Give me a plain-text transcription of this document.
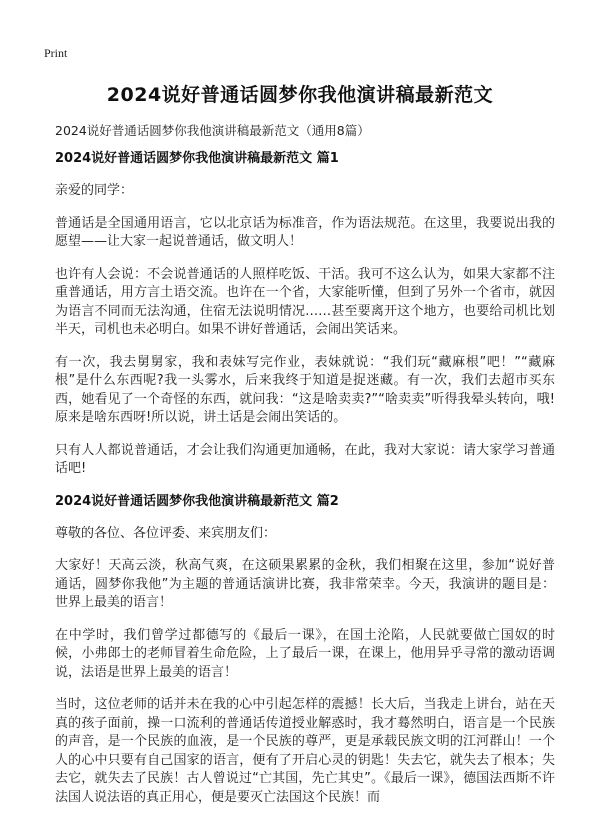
Print
2024说好普通话圆梦你我他演讲稿最新范文

2024说好普通话圆梦你我他演讲稿最新范文（通用8篇）

2024说好普通话圆梦你我他演讲稿最新范文 篇1

亲爱的同学：

普通话是全国通用语言，它以北京话为标准音，作为语法规范。在这里，我要说出我的愿望——让大家一起说普通话，做文明人！

也许有人会说：不会说普通话的人照样吃饭、干活。我可不这么认为，如果大家都不注重普通话，用方言土语交流。也许在一个省，大家能听懂，但到了另外一个省市，就因为语言不同而无法沟通，住宿无法说明情况……甚至要离开这个地方，也要给司机比划半天，司机也未必明白。如果不讲好普通话，会闹出笑话来。

有一次，我去舅舅家，我和表妹写完作业，表妹就说：“我们玩“藏麻根”吧！”“藏麻根”是什么东西呢?我一头雾水，后来我终于知道是捉迷藏。有一次，我们去超市买东西，她看见了一个奇怪的东西，就问我：“这是啥卖卖?”“啥卖卖”听得我晕头转向，哦!原来是啥东西呀!所以说，讲土话是会闹出笑话的。

只有人人都说普通话，才会让我们沟通更加通畅，在此，我对大家说：请大家学习普通话吧!

2024说好普通话圆梦你我他演讲稿最新范文 篇2

尊敬的各位、各位评委、来宾朋友们：

大家好！天高云淡，秋高气爽，在这硕果累累的金秋，我们相聚在这里，参加“说好普通话，圆梦你我他”为主题的普通话演讲比赛，我非常荣幸。今天，我演讲的题目是：世界上最美的语言！

在中学时，我们曾学过都德写的《最后一课》，在国土沦陷，人民就要做亡国奴的时候，小弗郎士的老师冒着生命危险，上了最后一课，在课上，他用异乎寻常的激动语调说，法语是世界上最美的语言！

当时，这位老师的话并未在我的心中引起怎样的震撼！长大后，当我走上讲台，站在天真的孩子面前，操一口流利的普通话传道授业解惑时，我才蓦然明白，语言是一个民族的声音，是一个民族的血液，是一个民族的尊严，更是承载民族文明的江河群山！一个人的心中只要有自己国家的语言，便有了开启心灵的钥匙！失去它，就失去了根本；失去它，就失去了民族！古人曾说过“亡其国，先亡其史”。《最后一课》，德国法西斯不许法国人说法语的真正用心，便是要灭亡法国这个民族！而
